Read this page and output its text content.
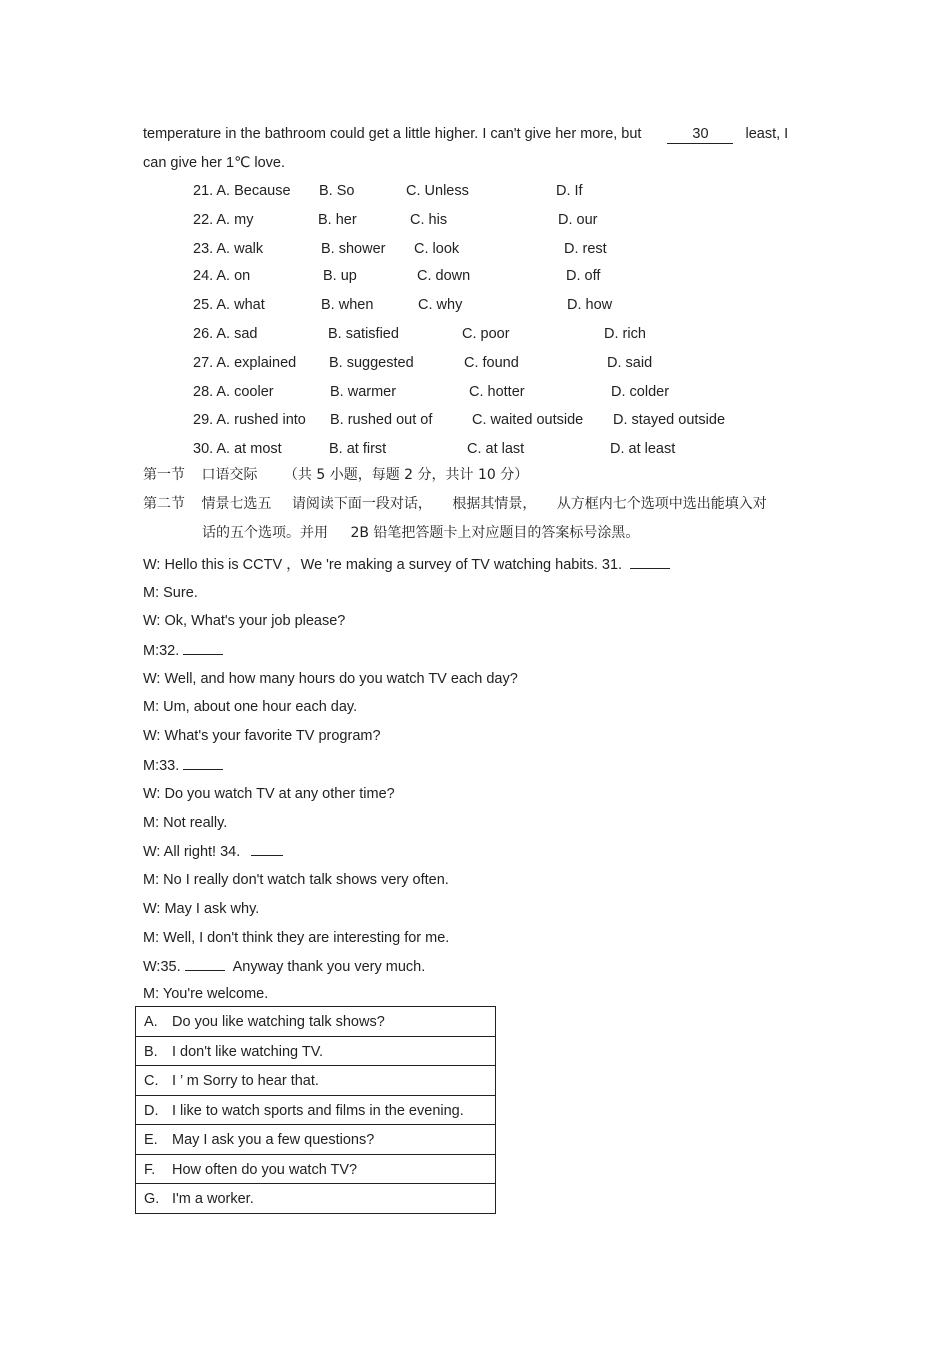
temperature in the bathroom could get a little higher. I can't give her more, but	30	least, I
can give her 1℃ love.
21. A. Because B. So	C. Unless	D. If
22. A. my	B. her	C. his	D. our
23. A. walk	B. shower C. look	D. rest
24. A. on	B. up	C. down	D. off
25. A. what	B. when	C. why	D. how
26. A. sad	B. satisfied	C. poor	D. rich
27. A. explained B. suggested	C. found	D. said
28. A. cooler	B. warmer	C. hotter	D. colder
29. A. rushed into B. rushed out of	C. waited outside D. stayed outside
30. A. at most	B. at first	C. at last	D. at least
第一节 口语交际 （共 5 小题，每题 2 分，共计 10 分）
第二节 情景七选五 请阅读下面一段对话， 根据其情景， 从方框内七个选项中选出能填入对
话的五个选项。并用 2B 铅笔把答题卡上对应题目的答案标号涂黑。
W: Hello this is CCTV ，We 're making a survey of TV watching habits. 31.
M: Sure.
W: Ok, What's your job please?
M:32.
W: Well, and how many hours do you watch TV each day?
M: Um, about one hour each day.
W: What's your favorite TV program?
M:33.
W: Do you watch TV at any other time?
M: Not really.
W: All right! 34.
M: No I really don't watch talk shows very often.
W: May I ask why.
M: Well, I don't think they are interesting for me.
W:35.	Anyway thank you very much.
M: You're welcome.
A. Do you like watching talk shows?
B. I don't like watching TV.
C. I ’ m Sorry to hear that.
D. I like to watch sports and films in the evening.
E. May I ask you a few questions?
F. How often do you watch TV?
G. I'm a worker.
